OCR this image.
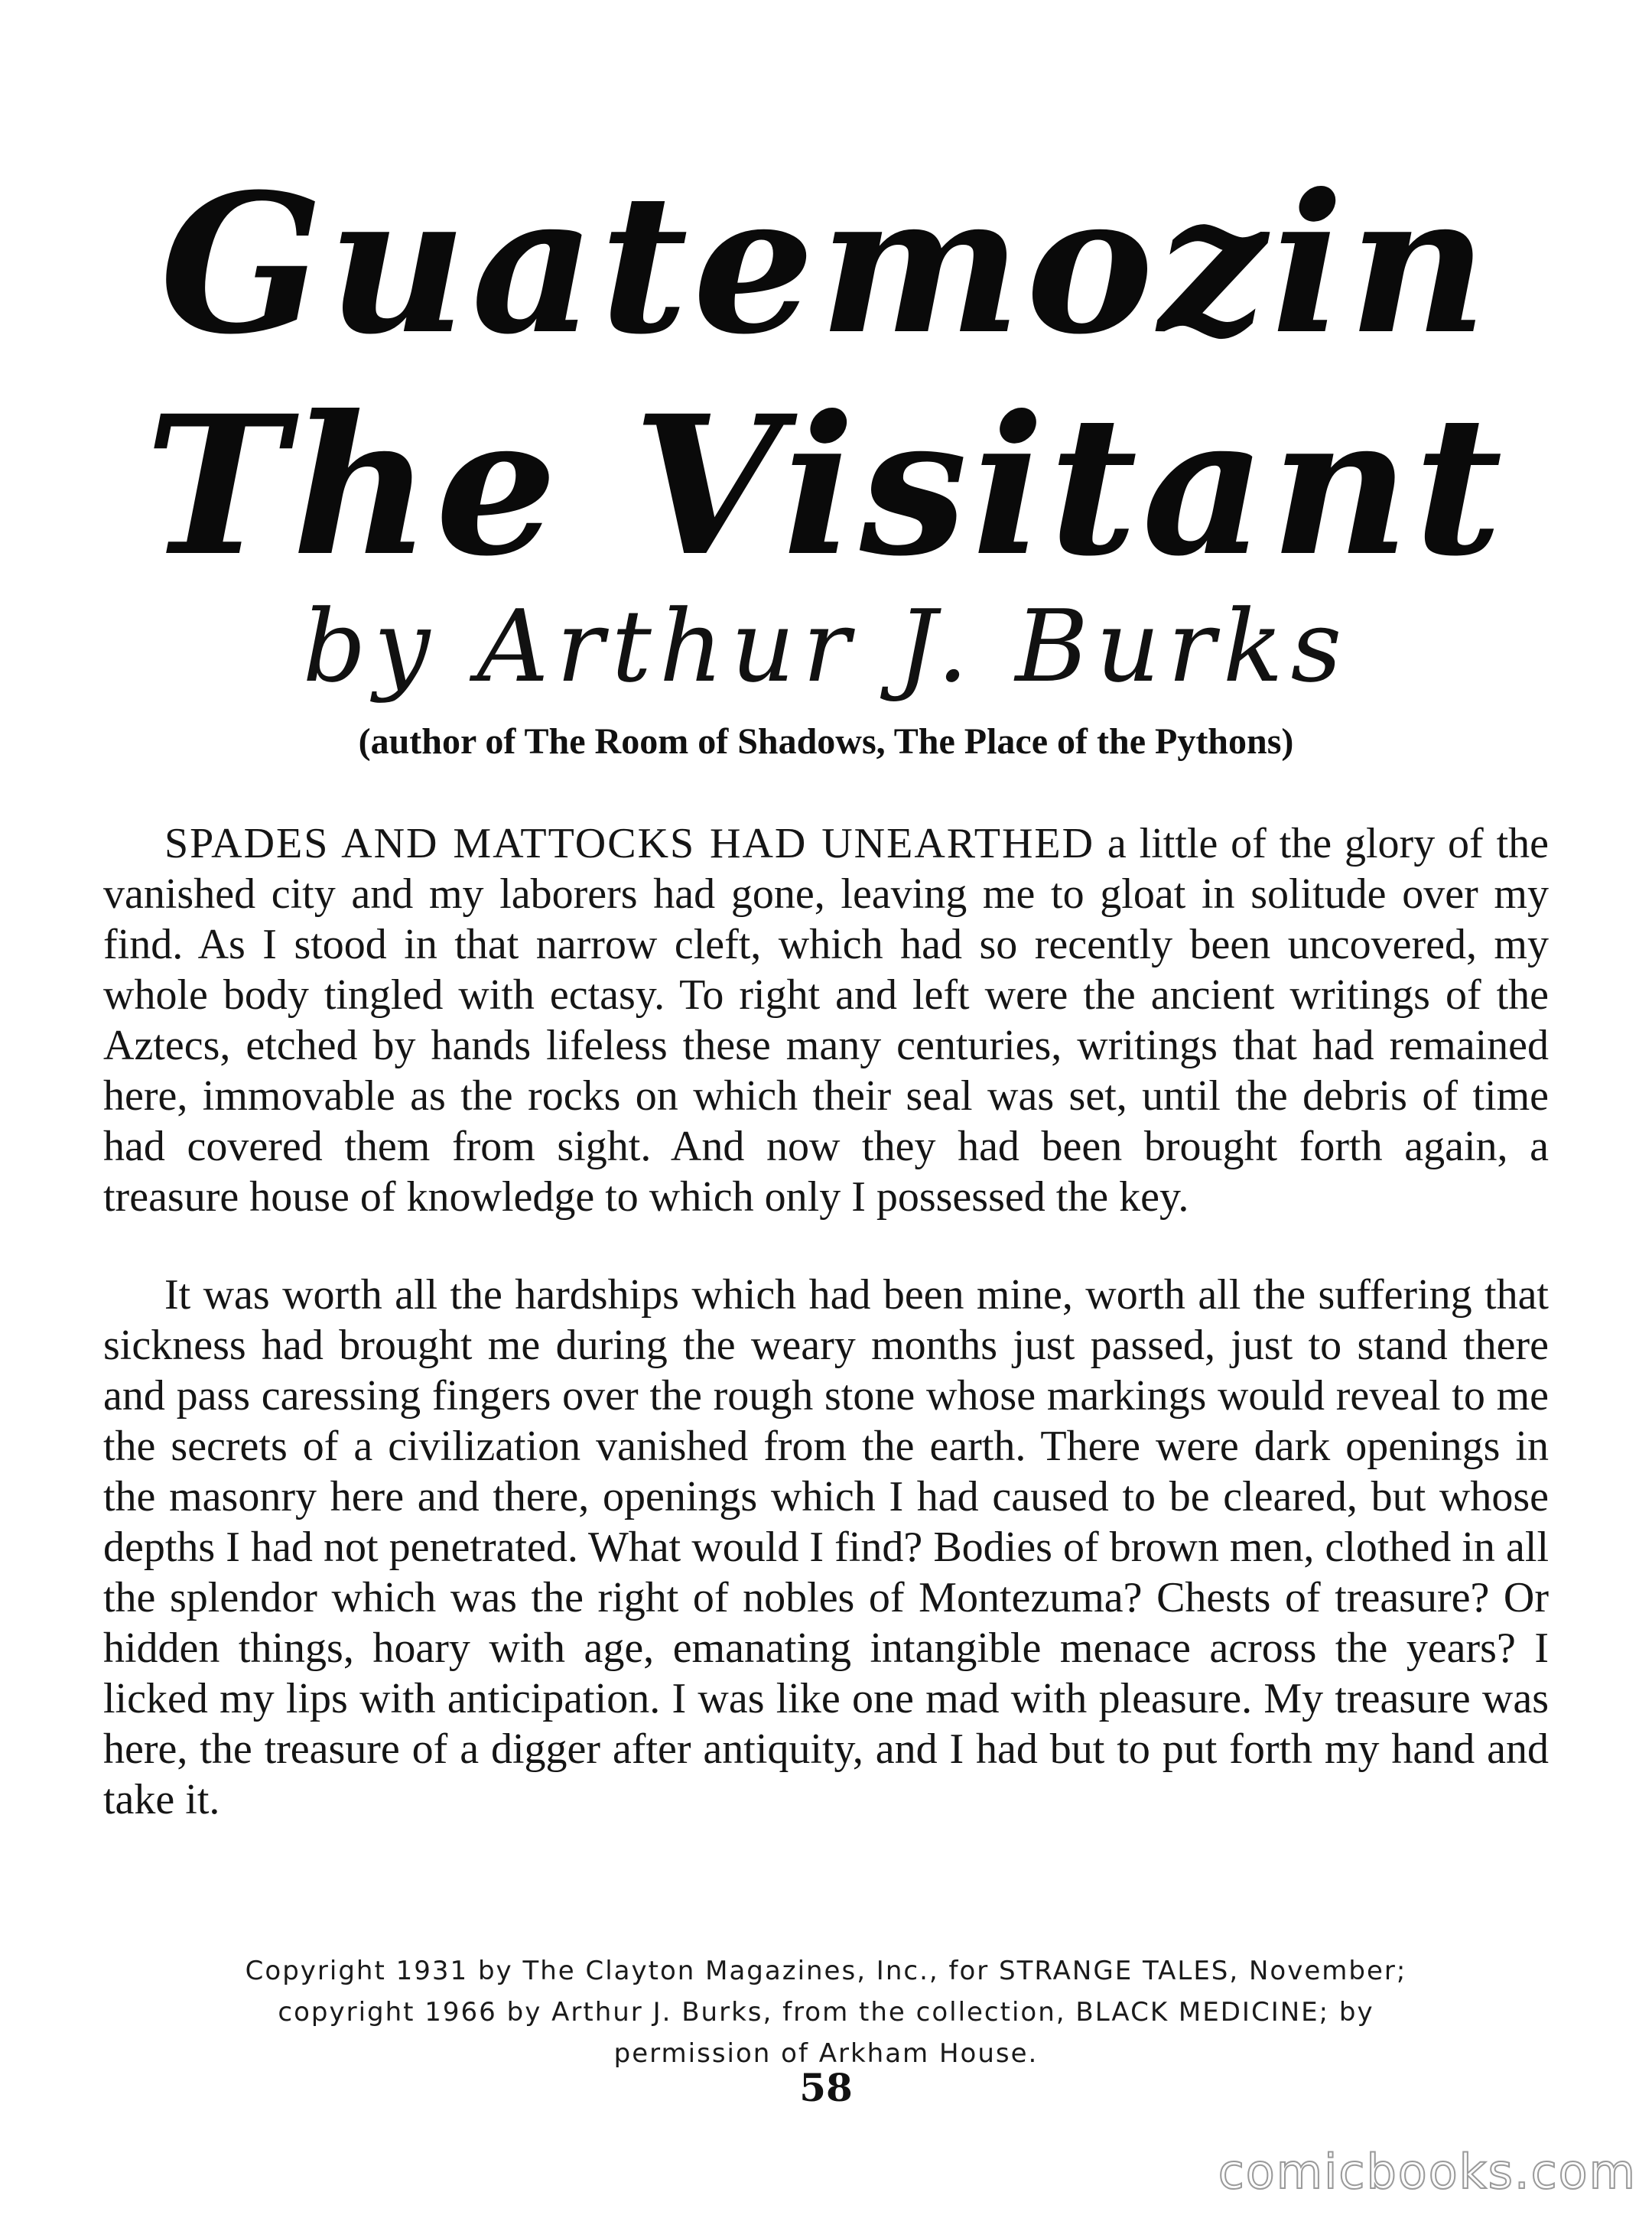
Guatemozin
The Visitant
by Arthur J. Burks
(author of The Room of Shadows, The Place of the Pythons)

SPADES AND MATTOCKS HAD UNEARTHED a little of the glory of the vanished city and my laborers had gone, leaving me to gloat in solitude over my find. As I stood in that narrow cleft, which had so recently been uncovered, my whole body tingled with ectasy. To right and left were the ancient writings of the Aztecs, etched by hands lifeless these many centuries, writings that had remained here, immovable as the rocks on which their seal was set, until the debris of time had covered them from sight. And now they had been brought forth again, a treasure house of knowledge to which only I possessed the key.

It was worth all the hardships which had been mine, worth all the suffering that sickness had brought me during the weary months just passed, just to stand there and pass caressing fingers over the rough stone whose markings would reveal to me the secrets of a civilization vanished from the earth. There were dark openings in the masonry here and there, openings which I had caused to be cleared, but whose depths I had not penetrated. What would I find? Bodies of brown men, clothed in all the splendor which was the right of nobles of Montezuma? Chests of treasure? Or hidden things, hoary with age, emanating intangible menace across the years? I licked my lips with anticipation. I was like one mad with pleasure. My treasure was here, the treasure of a digger after antiquity, and I had but to put forth my hand and take it.

Copyright 1931 by The Clayton Magazines, Inc., for STRANGE TALES, November; copyright 1966 by Arthur J. Burks, from the collection, BLACK MEDICINE; by permission of Arkham House.
58
comicbooks.com
